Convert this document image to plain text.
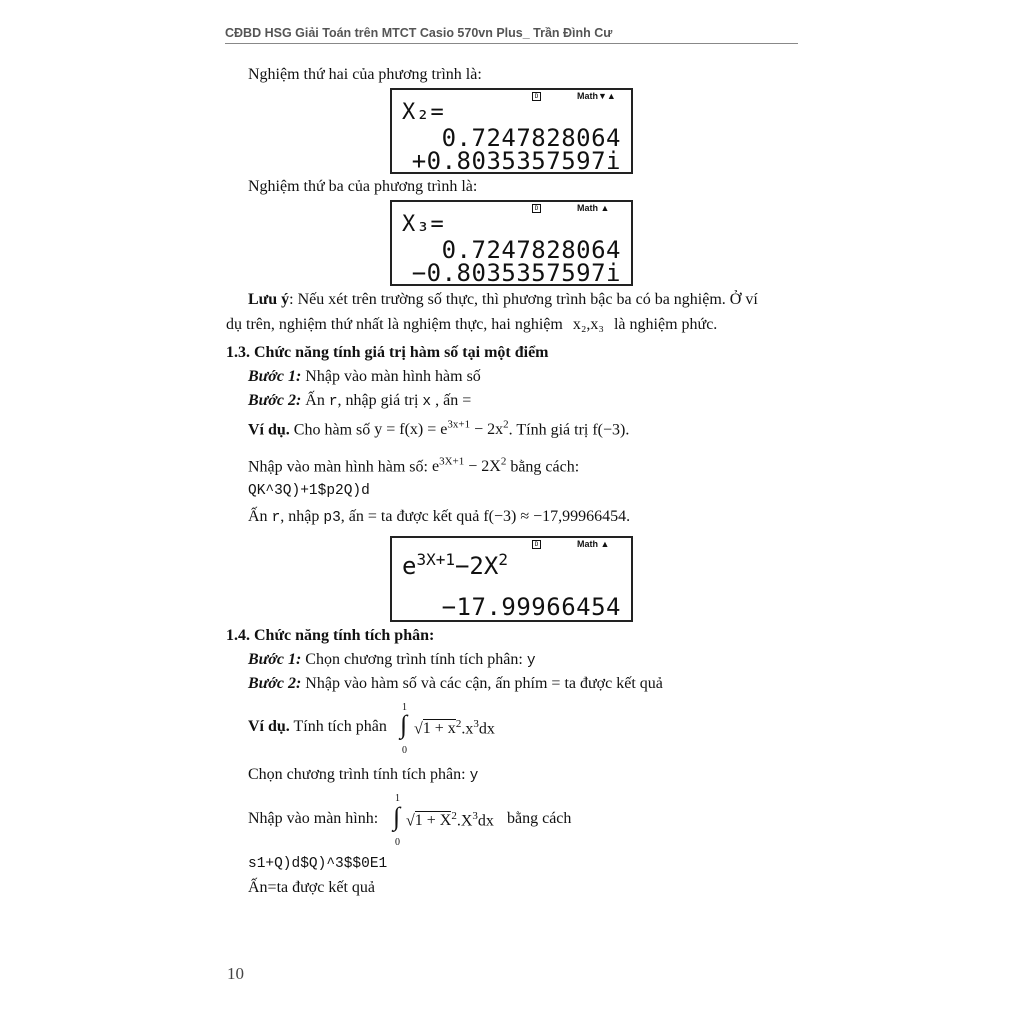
CĐBD HSG Giải Toán trên MTCT Casio 570vn Plus_ Trần Đình Cư
Nghiệm thứ hai của phương trình là:
D	Math▼▲
X₂=
0.7247828064
+0.8035357597i
Nghiệm thứ ba của phương trình là:
D	Math ▲
X₃=
0.7247828064
−0.8035357597i
Lưu ý: Nếu xét trên trường số thực, thì phương trình bậc ba có ba nghiệm. Ở ví
dụ trên, nghiệm thứ nhất là nghiệm thực, hai nghiệm x₂,x₃ là nghiệm phức.
1.3. Chức năng tính giá trị hàm số tại một điểm
Bước 1: Nhập vào màn hình hàm số
Bước 2: Ấn r, nhập giá trị x , ấn =
Ví dụ. Cho hàm số $y = f(x) = e^{3x+1} - 2x^2$. Tính giá trị f(−3).
Nhập vào màn hình hàm số: $e^{3X+1} - 2X^2$ bằng cách:
QK^3Q)+1$p2Q)d
Ấn r, nhập p3, ấn = ta được kết quả f(−3) ≈ −17,99966454.
D	Math ▲
$e^{3X+1}-2X^2$
−17.99966454
1.4. Chức năng tính tích phân:
Bước 1: Chọn chương trình tính tích phân: y
Bước 2: Nhập vào hàm số và các cận, ấn phím = ta được kết quả
Ví dụ. Tính tích phân
1
∫
0
$√1 + x^2.x^3dx$
Chọn chương trình tính tích phân: y
Nhập vào màn hình:
1
∫
0
$√1 + X^2.X^3dx$ bằng cách
s1+Q)d$Q)^3$$0E1
Ấn=ta được kết quả
10
